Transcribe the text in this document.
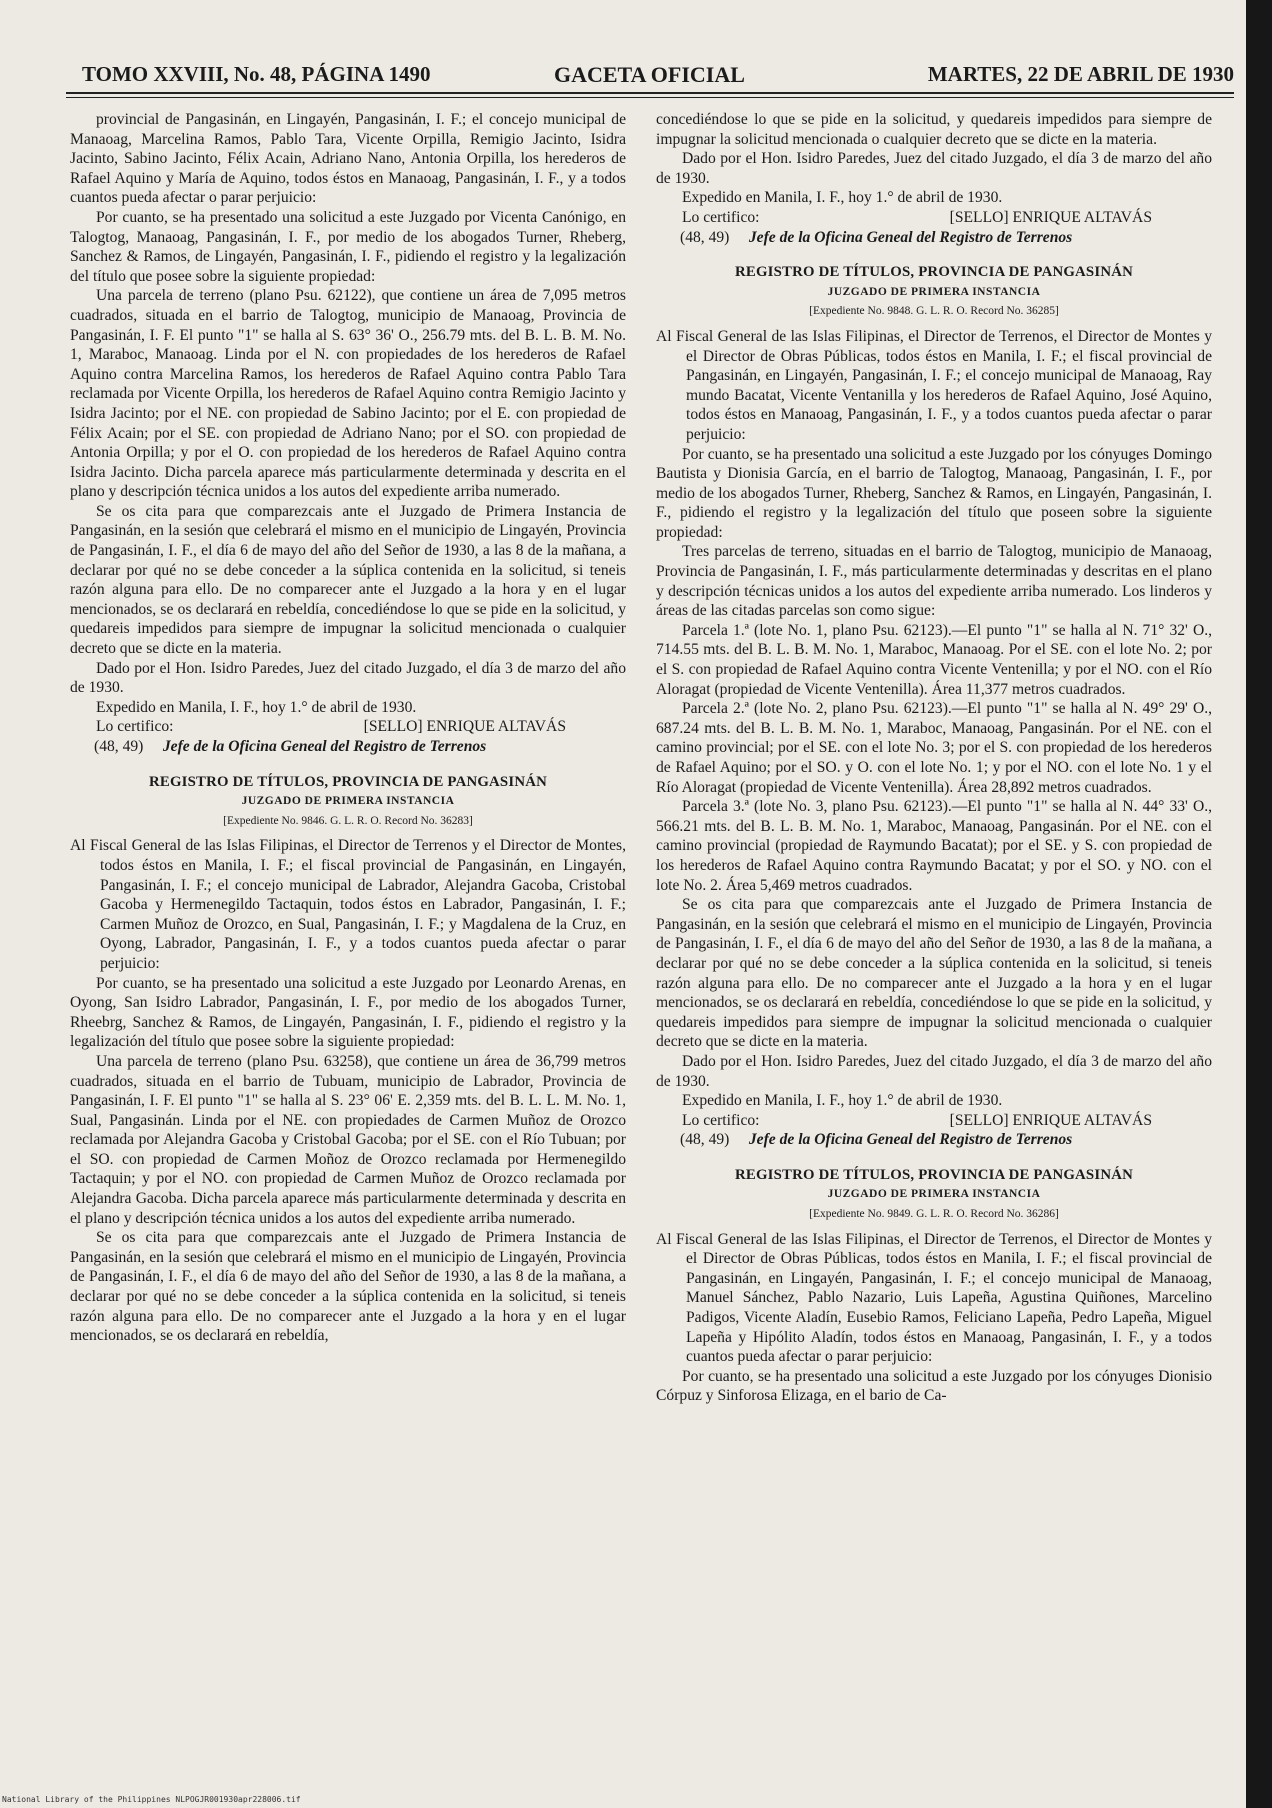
TOMO XXVIII, No. 48, PÁGINA 1490	GACETA OFICIAL	MARTES, 22 DE ABRIL DE 1930

provincial de Pangasinán, en Lingayén, Pangasinán, I. F.; el concejo municipal de Manaoag, Marcelina Ramos, Pablo Tara, Vicente Orpilla, Remigio Jacinto, Isidra Jacinto, Sabino Jacinto, Félix Acain, Adriano Nano, Antonia Orpilla, los herederos de Rafael Aquino y María de Aquino, todos éstos en Manaoag, Pangasinán, I. F., y a todos cuantos pueda afectar o parar perjuicio:

Por cuanto, se ha presentado una solicitud a este Juzgado por Vicenta Canónigo, en Talogtog, Manaoag, Pangasinán, I. F., por medio de los abogados Turner, Rheberg, Sanchez & Ramos, de Lingayén, Pangasinán, I. F., pidiendo el registro y la legalización del título que posee sobre la siguiente propiedad:

Una parcela de terreno (plano Psu. 62122), que contiene un área de 7,095 metros cuadrados, situada en el barrio de Talogtog, municipio de Manaoag, Provincia de Pangasinán, I. F. El punto "1" se halla al S. 63° 36' O., 256.79 mts. del B. L. B. M. No. 1, Maraboc, Manaoag. Linda por el N. con propiedades de los herederos de Rafael Aquino contra Marcelina Ramos, los herederos de Rafael Aquino contra Pablo Tara reclamada por Vicente Orpilla, los herederos de Rafael Aquino contra Remigio Jacinto y Isidra Jacinto; por el NE. con propiedad de Sabino Jacinto; por el E. con propiedad de Félix Acain; por el SE. con propiedad de Adriano Nano; por el SO. con propiedad de Antonia Orpilla; y por el O. con propiedad de los herederos de Rafael Aquino contra Isidra Jacinto. Dicha parcela aparece más particularmente determinada y descrita en el plano y descripción técnica unidos a los autos del expediente arriba numerado.

Se os cita para que comparezcais ante el Juzgado de Primera Instancia de Pangasinán, en la sesión que celebrará el mismo en el municipio de Lingayén, Provincia de Pangasinán, I. F., el día 6 de mayo del año del Señor de 1930, a las 8 de la mañana, a declarar por qué no se debe conceder a la súplica contenida en la solicitud, si teneis razón alguna para ello. De no comparecer ante el Juzgado a la hora y en el lugar mencionados, se os declarará en rebeldía, concediéndose lo que se pide en la solicitud, y quedareis impedidos para siempre de impugnar la solicitud mencionada o cualquier decreto que se dicte en la materia.

Dado por el Hon. Isidro Paredes, Juez del citado Juzgado, el día 3 de marzo del año de 1930.

Expedido en Manila, I. F., hoy 1.° de abril de 1930.

Lo certifico:	[SELLO] ENRIQUE ALTAVÁS

(48, 49) Jefe de la Oficina Geneal del Registro de Terrenos

REGISTRO DE TÍTULOS, PROVINCIA DE PANGASINÁN

JUZGADO DE PRIMERA INSTANCIA

[Expediente No. 9846. G. L. R. O. Record No. 36283]

Al Fiscal General de las Islas Filipinas, el Director de Terrenos y el Director de Montes, todos éstos en Manila, I. F.; el fiscal provincial de Pangasinán, en Lingayén, Pangasinán, I. F.; el concejo municipal de Labrador, Alejandra Gacoba, Cristobal Gacoba y Hermenegildo Tactaquin, todos éstos en Labrador, Pangasinán, I. F.; Carmen Muñoz de Orozco, en Sual, Pangasinán, I. F.; y Magdalena de la Cruz, en Oyong, Labrador, Pangasinán, I. F., y a todos cuantos pueda afectar o parar perjuicio:

Por cuanto, se ha presentado una solicitud a este Juzgado por Leonardo Arenas, en Oyong, San Isidro Labrador, Pangasinán, I. F., por medio de los abogados Turner, Rheebrg, Sanchez & Ramos, de Lingayén, Pangasinán, I. F., pidiendo el registro y la legalización del título que posee sobre la siguiente propiedad:

Una parcela de terreno (plano Psu. 63258), que contiene un área de 36,799 metros cuadrados, situada en el barrio de Tubuam, municipio de Labrador, Provincia de Pangasinán, I. F. El punto "1" se halla al S. 23° 06' E. 2,359 mts. del B. L. L. M. No. 1, Sual, Pangasinán. Linda por el NE. con propiedades de Carmen Muñoz de Orozco reclamada por Alejandra Gacoba y Cristobal Gacoba; por el SE. con el Río Tubuan; por el SO. con propiedad de Carmen Moñoz de Orozco reclamada por Hermenegildo Tactaquin; y por el NO. con propiedad de Carmen Muñoz de Orozco reclamada por Alejandra Gacoba. Dicha parcela aparece más particularmente determinada y descrita en el plano y descripción técnica unidos a los autos del expediente arriba numerado.

Se os cita para que comparezcais ante el Juzgado de Primera Instancia de Pangasinán, en la sesión que celebrará el mismo en el municipio de Lingayén, Provincia de Pangasinán, I. F., el día 6 de mayo del año del Señor de 1930, a las 8 de la mañana, a declarar por qué no se debe conceder a la súplica contenida en la solicitud, si teneis razón alguna para ello. De no comparecer ante el Juzgado a la hora y en el lugar mencionados, se os declarará en rebeldía,

concediéndose lo que se pide en la solicitud, y quedareis impedidos para siempre de impugnar la solicitud mencionada o cualquier decreto que se dicte en la materia.

Dado por el Hon. Isidro Paredes, Juez del citado Juzgado, el día 3 de marzo del año de 1930.

Expedido en Manila, I. F., hoy 1.° de abril de 1930.

Lo certifico:	[SELLO] ENRIQUE ALTAVÁS

(48, 49) Jefe de la Oficina Geneal del Registro de Terrenos

REGISTRO DE TÍTULOS, PROVINCIA DE PANGASINÁN

JUZGADO DE PRIMERA INSTANCIA

[Expediente No. 9848. G. L. R. O. Record No. 36285]

Al Fiscal General de las Islas Filipinas, el Director de Terrenos, el Director de Montes y el Director de Obras Públicas, todos éstos en Manila, I. F.; el fiscal provincial de Pangasinán, en Lingayén, Pangasinán, I. F.; el concejo municipal de Manaoag, Ray mundo Bacatat, Vicente Ventanilla y los herederos de Rafael Aquino, José Aquino, todos éstos en Manaoag, Pangasinán, I. F., y a todos cuantos pueda afectar o parar perjuicio:

Por cuanto, se ha presentado una solicitud a este Juzgado por los cónyuges Domingo Bautista y Dionisia García, en el barrio de Talogtog, Manaoag, Pangasinán, I. F., por medio de los abogados Turner, Rheberg, Sanchez & Ramos, en Lingayén, Pangasinán, I. F., pidiendo el registro y la legalización del título que poseen sobre la siguiente propiedad:

Tres parcelas de terreno, situadas en el barrio de Talogtog, municipio de Manaoag, Provincia de Pangasinán, I. F., más particularmente determinadas y descritas en el plano y descripción técnicas unidos a los autos del expediente arriba numerado. Los linderos y áreas de las citadas parcelas son como sigue:

Parcela 1.ª (lote No. 1, plano Psu. 62123).—El punto "1" se halla al N. 71° 32' O., 714.55 mts. del B. L. B. M. No. 1, Maraboc, Manaoag. Por el SE. con el lote No. 2; por el S. con propiedad de Rafael Aquino contra Vicente Ventenilla; y por el NO. con el Río Aloragat (propiedad de Vicente Ventenilla). Área 11,377 metros cuadrados.

Parcela 2.ª (lote No. 2, plano Psu. 62123).—El punto "1" se halla al N. 49° 29' O., 687.24 mts. del B. L. B. M. No. 1, Maraboc, Manaoag, Pangasinán. Por el NE. con el camino provincial; por el SE. con el lote No. 3; por el S. con propiedad de los herederos de Rafael Aquino; por el SO. y O. con el lote No. 1; y por el NO. con el lote No. 1 y el Río Aloragat (propiedad de Vicente Ventenilla). Área 28,892 metros cuadrados.

Parcela 3.ª (lote No. 3, plano Psu. 62123).—El punto "1" se halla al N. 44° 33' O., 566.21 mts. del B. L. B. M. No. 1, Maraboc, Manaoag, Pangasinán. Por el NE. con el camino provincial (propiedad de Raymundo Bacatat); por el SE. y S. con propiedad de los herederos de Rafael Aquino contra Raymundo Bacatat; y por el SO. y NO. con el lote No. 2. Área 5,469 metros cuadrados.

Se os cita para que comparezcais ante el Juzgado de Primera Instancia de Pangasinán, en la sesión que celebrará el mismo en el municipio de Lingayén, Provincia de Pangasinán, I. F., el día 6 de mayo del año del Señor de 1930, a las 8 de la mañana, a declarar por qué no se debe conceder a la súplica contenida en la solicitud, si teneis razón alguna para ello. De no comparecer ante el Juzgado a la hora y en el lugar mencionados, se os declarará en rebeldía, concediéndose lo que se pide en la solicitud, y quedareis impedidos para siempre de impugnar la solicitud mencionada o cualquier decreto que se dicte en la materia.

Dado por el Hon. Isidro Paredes, Juez del citado Juzgado, el día 3 de marzo del año de 1930.

Expedido en Manila, I. F., hoy 1.° de abril de 1930.

Lo certifico:	[SELLO] ENRIQUE ALTAVÁS

(48, 49) Jefe de la Oficina Geneal del Registro de Terrenos

REGISTRO DE TÍTULOS, PROVINCIA DE PANGASINÁN

JUZGADO DE PRIMERA INSTANCIA

[Expediente No. 9849. G. L. R. O. Record No. 36286]

Al Fiscal General de las Islas Filipinas, el Director de Terrenos, el Director de Montes y el Director de Obras Públicas, todos éstos en Manila, I. F.; el fiscal provincial de Pangasinán, en Lingayén, Pangasinán, I. F.; el concejo municipal de Manaoag, Manuel Sánchez, Pablo Nazario, Luis Lapeña, Agustina Quiñones, Marcelino Padigos, Vicente Aladín, Eusebio Ramos, Feliciano Lapeña, Pedro Lapeña, Miguel Lapeña y Hipólito Aladín, todos éstos en Manaoag, Pangasinán, I. F., y a todos cuantos pueda afectar o parar perjuicio:

Por cuanto, se ha presentado una solicitud a este Juzgado por los cónyuges Dionisio Córpuz y Sinforosa Elizaga, en el bario de Ca-

National Library of the Philippines NLPOGJR001930apr228006.tif
